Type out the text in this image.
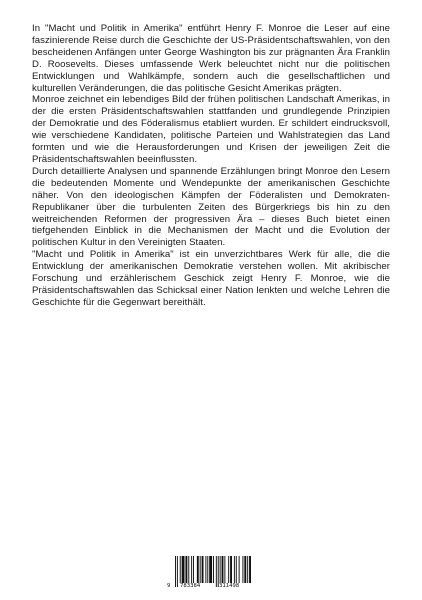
In "Macht und Politik in Amerika" entführt Henry F. Monroe die Leser auf eine faszinierende Reise durch die Geschichte der US-Präsidentschaftswahlen, von den bescheidenen Anfängen unter George Washington bis zur prägnanten Ära Franklin D. Roosevelts. Dieses umfassende Werk beleuchtet nicht nur die politischen Entwicklungen und Wahlkämpfe, sondern auch die gesellschaftlichen und kulturellen Veränderungen, die das politische Gesicht Amerikas prägten.

Monroe zeichnet ein lebendiges Bild der frühen politischen Landschaft Amerikas, in der die ersten Präsidentschaftswahlen stattfanden und grundlegende Prinzipien der Demokratie und des Föderalismus etabliert wurden. Er schildert eindrucksvoll, wie verschiedene Kandidaten, politische Parteien und Wahlstrategien das Land formten und wie die Herausforderungen und Krisen der jeweiligen Zeit die Präsidentschaftswahlen beeinflussten.

Durch detaillierte Analysen und spannende Erzählungen bringt Monroe den Lesern die bedeutenden Momente und Wendepunkte der amerikanischen Geschichte näher. Von den ideologischen Kämpfen der Föderalisten und Demokraten-Republikaner über die turbulenten Zeiten des Bürgerkriegs bis hin zu den weitreichenden Reformen der progressiven Ära – dieses Buch bietet einen tiefgehenden Einblick in die Mechanismen der Macht und die Evolution der politischen Kultur in den Vereinigten Staaten.

"Macht und Politik in Amerika" ist ein unverzichtbares Werk für alle, die die Entwicklung der amerikanischen Demokratie verstehen wollen. Mit akribischer Forschung und erzählerischem Geschick zeigt Henry F. Monroe, wie die Präsidentschaftswahlen das Schicksal einer Nation lenkten und welche Lehren die Geschichte für die Gegenwart bereithält.

9 783384	311498
